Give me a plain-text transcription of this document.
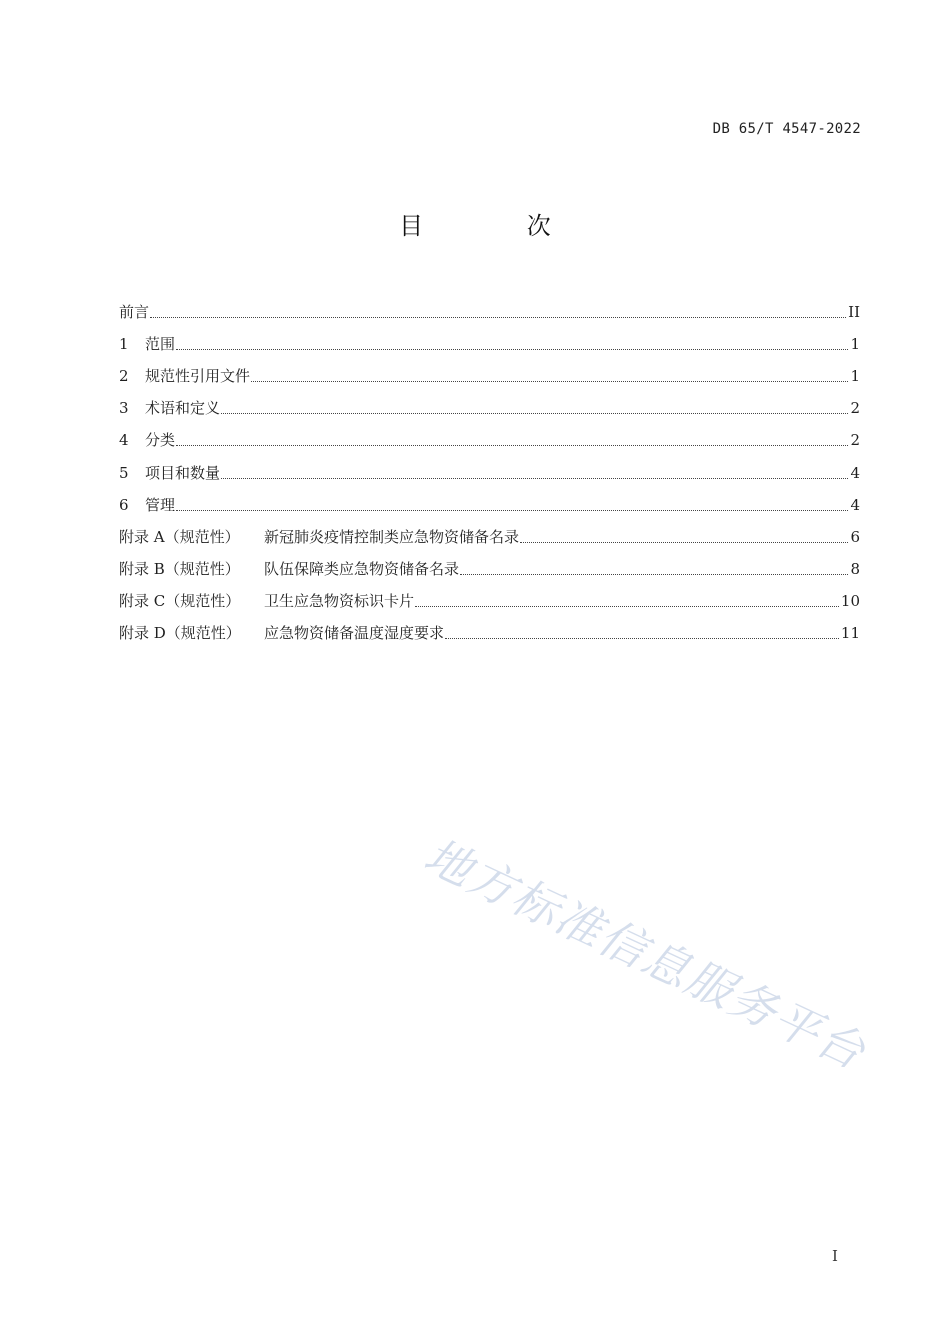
DB 65/T 4547-2022
目 次
前言	II
1	范围	1
2	规范性引用文件	1
3	术语和定义	2
4	分类	2
5	项目和数量	4
6	管理	4
附录 A（规范性）	新冠肺炎疫情控制类应急物资储备名录	6
附录 B（规范性）	队伍保障类应急物资储备名录	8
附录 C（规范性）	卫生应急物资标识卡片	10
附录 D（规范性）	应急物资储备温度湿度要求	11
地方标准信息服务平台
I
